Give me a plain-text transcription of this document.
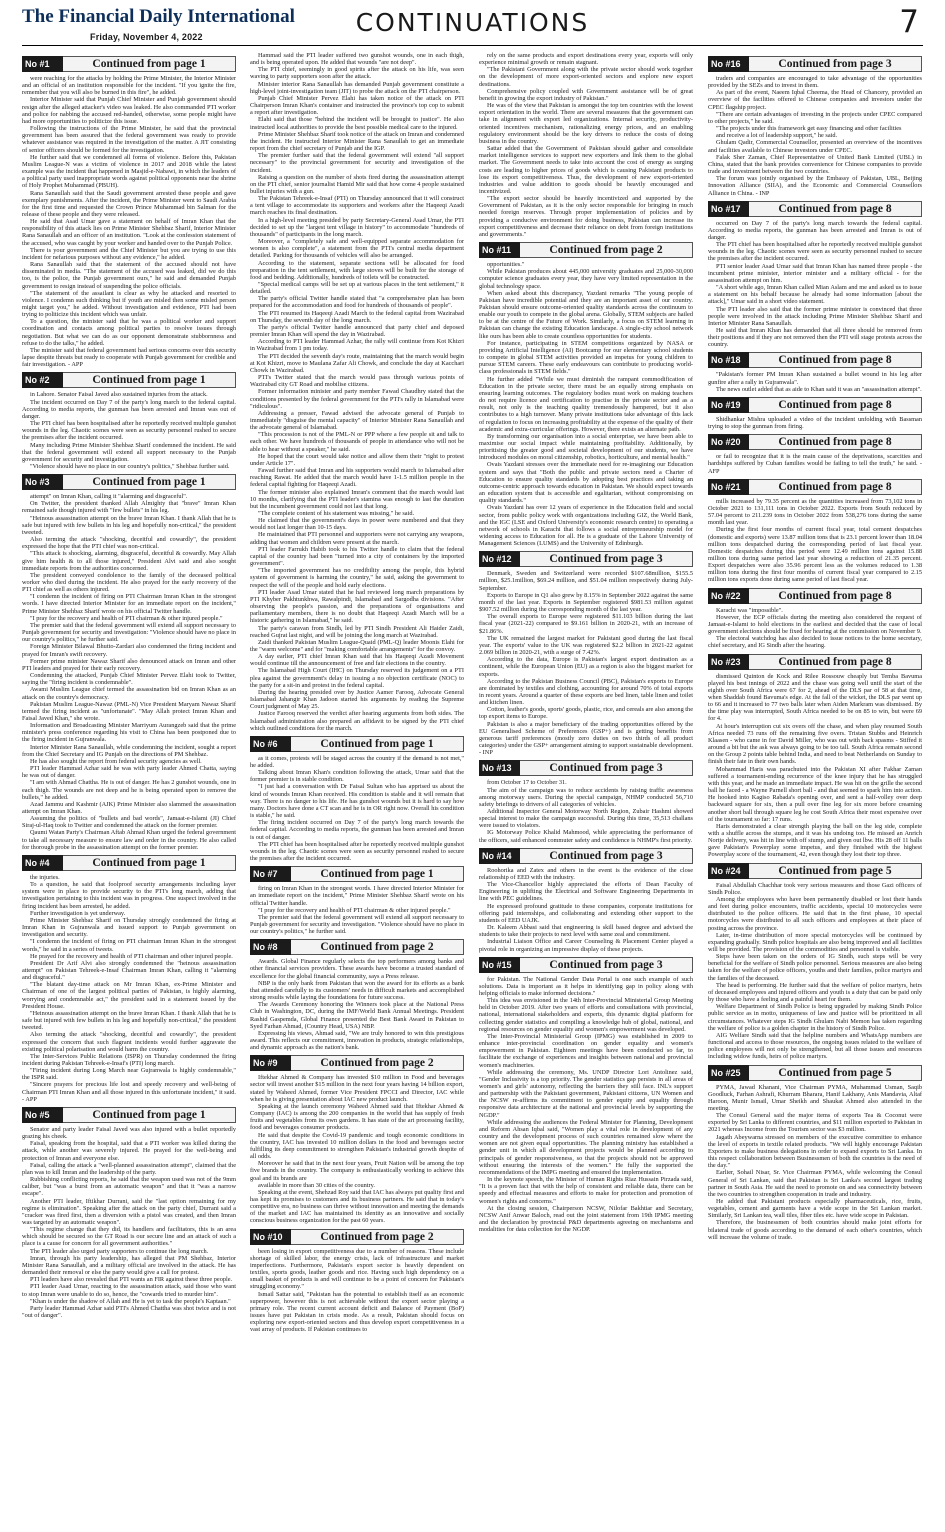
The Financial Daily International
Friday, November 4, 2022	CONTINUATIONS	7
No #1	Continued from page 1

were reaching for the attacks by holding the Prime Minister, the Interior Minister and an official of an institution responsible for the incident. "If you ignite the fire, remember that you will also be burned in this fire", he added.

Interior Minister said that Punjab Chief Minister and Punjab government should resign after the alleged attacker's video was leaked. He also commanded PTI worker and police for nabbing the accused red-handed, otherwise, some people might have had more opportunities to politicize this issue.

Following the instructions of the Prime Minister, he said that the provincial government has been assured that the federal government was ready to provide whatever assistance was required in the investigation of the matter. A JIT consisting of senior officers should be formed for the investigation.

He further said that we condemned all forms of violence. Before this, Pakistan Muslim League-N was a victim of violence in 2017 and 2018 while the latest example was the incident that happened in Masjid-e-Nabawi, in which the leaders of a political party used inappropriate words against political opponents near the shrine of Holy Prophet Muhammad (PBUH).

Rana Sanaullah said that the Saudi government arrested these people and gave exemplary punishments. After the incident, the Prime Minister went to Saudi Arabia for the first time and requested the Crown Prince Muhammad bin Salman for the release of these people and they were released.

He said that Asad Umar gave a statement on behalf of Imran Khan that the responsibility of this attack lies on Prime Minister Shehbaz Sharif, Interior Minister Rana Sanaullah and an officer of an institution. "Look at the confession statement of the accused, who was caught by your worker and handed over to the Punjab Police.

There is your government and the Chief Minister but you are trying to use this incident for nefarious purposes without any evidence," he added.

Rana Sanaullah said that the statement of the accused should not have disseminated in media. "The statement of the accused was leaked, did we do this too, is the police, the Punjab government ours," he said and demanded Punjab government to resign instead of suspending the police officials.

"The statement of the assailant is clear as why he attacked and resorted to violence. I condemn such thinking but if youth are misled then some misled person might target you," he added. Without investigation and evidence, PTI had been trying to politicize this incident which was unfair.

To a question, the minister said that he was a political worker and support coordination and contacts among political parties to resolve issues through negotiation. But what we can do as our opponent demonstrate stubbornness and refuse to do the talks," he added.

The minister said that federal government had serious concerns over this security lapse despite threats but ready to cooperate with Punjab government for credible and fair investigation. - APP

No #2	Continued from page 1

in Lahore. Senator Faisal Javed also sustained injuries from the attack.

The incident occurred on Day 7 of the party's long march to the federal capital. According to media reports, the gunman has been arrested and Imran was out of danger.

The PTI chief has been hospitalised after he reportedly received multiple gunshot wounds in the leg. Chaotic scenes were seen as security personnel rushed to secure the premises after the incident occurred.

Many including Prime Minister Shehbaz Sharif condemned the incident. He said that the federal government will extend all support necessary to the Punjab government for security and investigation.

"Violence should have no place in our country's politics," Shehbaz further said.

No #3	Continued from page 1

attempt" on Imran Khan, calling it "alarming and disgraceful".

On Twitter, the president thanked Allah Almighty that "brave" Imran Khan remained safe though injured with "few bullets" in his leg.

"Heinous assassination attempt on the brave Imran Khan. I thank Allah that he is safe but injured with few bullets in his leg and hopefully non-critical," the president tweeted.

Also terming the attack "shocking, deceitful and cowardly", the president expressed the hope that the PTI chief was non-critical.

"This attack is shocking, alarming, disgraceful, deceitful & cowardly. May Allah give him health & to all those injured," President Alvi said and also sought immediate reports from the authorities concerned.

The president conveyed condolence to the family of the deceased political worker who died during the incident. He also prayed for the early recovery of the PTI chief as well as others injured.

"I condemn the incident of firing on PTI Chairman Imran Khan in the strongest words. I have directed Interior Minister for an immediate report on the incident," Prime Minister Shehbaz Sharif wrote on his official Twitter handle.

"I pray for the recovery and health of PTI chairman & other injured people."

The premier said that the federal government will extend all support necessary to Punjab government for security and investigation: "Violence should have no place in our country's politics," he further said.

Foreign Minister Bilawal Bhutto-Zardari also condemned the firing incident and prayed for Imran's swift recovery.

Former prime minister Nawaz Sharif also denounced attack on Imran and other PTI leaders and prayed for their early recovery.

Condemning the attacked, Punjab Chief Minister Pervez Elahi took to Twitter, saying the "firing incident is condemnable".

Awami Muslim League chief termed the assassination bid on Imran Khan as an attack on the country's democracy.

Pakistan Muslim League-Nawaz (PML-N) Vice President Maryam Nawaz Sharif termed the firing incident as "unfortunate". "May Allah protect Imran Khan and Faisal Javed Khan," she wrote.

Information and Broadcasting Minister Marriyum Aurangzeb said that the prime minister's press conference regarding his visit to China has been postponed due to the firing incident in Gujranwala.

Interior Minister Rana Sanaullah, while condemning the incident, sought a report from the Chief Secretary and IG Punjab on the directions of PM Shehbaz.

He has also sought the report from federal security agencies as well.

PTI leader Hammad Azhar said he was with party leader Ahmed Chatta, saying he was out of danger.

"I am with Ahmad Chattha. He is out of danger. He has 2 gunshot wounds, one in each thigh. The wounds are not deep and he is being operated upon to remove the bullets," he added.

Azad Jammu and Kashmir (AJK) Prime Minister also slammed the assassination attempt on Imran Khan.

Assuming the politics of "bullets and bad words", Jamaat-e-Islami (JI) Chief Siraj-ul-Haq took to Twitter and condemned the attack on the former premier.

Qaumi Watan Party's Chairman Aftab Ahmad Khan urged the federal government to take all necessary measure to ensure law and order in the country. He also called for thorough probe in the assassination attempt on the former premier.

No #4	Continued from page 1

the injuries.

To a question, he said that foolproof security arrangements including layer system were in place to provide security to the PTI's long march, adding that investigation pertaining to this incident was in progress. One suspect involved in the firing incident has been arrested, he added.

Further investigation is yet underway.

Prime Minister Shehbaz Sharif on Thursday strongly condemned the firing at Imran Khan in Gujranwala and issued support to Punjab government on investigation and security.

"I condemn the incident of firing on PTI chairman Imran Khan in the strongest words," he said in a series of tweets.

He prayed for the recovery and health of PTI chairman and other injured people.

President Dr Arif Alvi also strongly condemned the "heinous assassination attempt" on Pakistan Tehreek-e-Insaf Chairman Imran Khan, calling it "alarming and disgraceful."

"The blatant day-time attack on Mr Imran Khan, ex-Prime Minister and Chairman of one of the largest political parties of Pakistan, is highly alarming, worrying and condemnable act," the president said in a statement issued by the President House.

"Heinous assassination attempt on the brave Imran Khan. I thank Allah that he is safe but injured with few bullets in his leg and hopefully non-critical," the president tweeted.

Also terming the attack "shocking, deceitful and cowardly", the president expressed the concern that such flagrant incidents would further aggravate the existing political polarisation and would harm the country.

The Inter-Services Public Relations (ISPR) on Thursday condemned the firing incident during Pakistan Tehreek-e-Insaf's (PTI) long march.

"Firing incident during Long March near Gujranwala is highly condemnable," the ISPR said.

"Sincere prayers for precious life lost and speedy recovery and well-being of Chairman PTI Imran Khan and all those injured in this unfortunate incident," it said. - APP

No #5	Continued from page 1

Senator and party leader Faisal Javed was also injured with a bullet reportedly grazing his cheek.

Faisal, speaking from the hospital, said that a PTI worker was killed during the attack, while another was severely injured. He prayed for the well-being and protection of Imran and everyone else.

Faisal, calling the attack a "well-planned assassination attempt", claimed that the plan was to kill Imran and the leadership of the party.

Rubbishing conflicting reports, he said that the weapon used was not of the 9mm caliber, but "was a burst from an automatic weapon" and that it "was a narrow escape".

Another PTI leader, Iftikhar Durrani, said the "last option remaining for my regime is elimination". Speaking after the attack on the party chief, Durrani said a "cracker was fired first, then a diversion with a pistol was created, and then Imran was targeted by an automatic weapon".

"This regime change that they did, its handlers and facilitators, this is an area which should be secured so the GT Road is our secure line and an attack of such a place is a cause for concern for all government authorities."

The PTI leader also urged party supporters to continue the long march.

Imran, through his party leadership, has alleged that PM Shehbaz, Interior Minister Rana Sanaullah, and a military official are involved in the attack. He has demanded their removal or else the party would give a call for protest.

PTI leaders have also revealed that PTI wants an FIR against these three people.

PTI leader Asad Umar, reacting to the assassination attack, said those who want to stop Imran were unable to do so, hence, the "cowards tried to murder him".

"Khan is under the shadow of Allah and He is yet to task the people's Kaptaan."

Party leader Hammad Azhar said PTI's Ahmed Chattha was shot twice and is not "out of danger".

Hammad said the PTI leader suffered two gunshot wounds, one in each thigh, and is being operated upon. He added that wounds "are not deep".

The PTI chief, seemingly in good spirits after the attack on his life, was seen waving to party supporters soon after the attack.

Minister interior Rana Sanaullah has demanded Punjab government constitute a high-level joint-investigation team (JIT) to probe the attack on the PTI chairperson.

Punjab Chief Minister Pervez Elahi has taken notice of the attack on PTI Chairperson Imran Khan's container and instructed the province's top cop to submit a report after investigation.

Elahi said that those "behind the incident will be brought to justice". He also instructed local authorities to provide the best possible medical care to the injured.

Prime Minister Shehbaz Sharif took notice of the attack on Imran and condemned the incident. He instructed Interior Minister Rana Sanaullah to get an immediate report from the chief secretary of Punjab and the IGP.

The premier further said that the federal government will extend "all support necessary" to the provincial government for security and investigation of the incident.

Raising a question on the number of shots fired during the assassination attempt on the PTI chief, senior journalist Hamid Mir said that how come 4 people sustained bullet injuries with a gun.

The Pakistan Tehreek-e-Insaf (PTI) on Thursday announced that it will construct a tent village to accommodate its supporters and workers after the Haqeeqi Azadi march reaches its final destination.

In a high-level meeting presided by party Secretary-General Asad Umar, the PTI decided to set up the "largest tent village in history" to accommodate "hundreds of thousands" of participants in the long march.

Moreover, a "completely safe and well-equipped separate accommodation for women is also complete", a statement from the PTI's central media department detailed. Parking for thousands of vehicles will also be arranged.

According to the statement, separate sections will be allocated for food preparation in the tent settlement, with large stoves will be built for the storage of food and bedding. Additionally, hundreds of toilets will be constructed.

"Special medical camps will be set up at various places in the tent settlement," it detailed.

The party's official Twitter handle stated that "a comprehensive plan has been prepared for the accommodation and food for hundreds of thousands of people".

The PTI resumed its Haqeeqi Azadi March to the federal capital from Wazirabad on Thursday, the seventh day of the long march.

The party's official Twitter handle announced that party chief and deposed premier Imran Khan will spend the day in Wazirabad.

According to PTI leader Hammad Azhar, the rally will continue from Kot Khizri in Wazirabad from 1 pm today.

The PTI decided the seventh day's route, maintaining that the march would begin at Kot Khizri, move to Maulana Zafar Ali Chowk, and conclude the day at Kacchari Chowk in Wazirabad.

PTI's Twitter stated that the march would pass through various points of Wazirabad city GT Road and mobilise citizens.

Former information minister and party member Fawad Chaudhry stated that the conditions presented by the federal government for the PTI's rally in Islamabad were "ridiculous".

Addressing a presser, Fawad advised the advocate general of Punjab to immediately "disguise the mental capacity" of Interior Minister Rana Sanaullah and the advocate general of Islamabad.

"This procession is not of the PML-N or PPP where a few people sit and talk to each other. We have hundreds of thousands of people in attendance who will not be able to hear without a speaker," he said.

He hoped that the court would take notice and allow them their "right to protest under Article 17".

Fawad further said that Imran and his supporters would march to Islamabad after reaching Rawat. He added that the march would have 1-1.5 million people in the federal capital fighting for Haqeeqi Azadi.

The former minister also explained Imran's comment that the march would last 10 months, clarifying that the PTI leader's stamina was enough to last the duration but the incumbent government could not last that long.

"The complete content of his statement was missing," he said.

He claimed that the government's days in power were numbered and that they would not last longer than 10-15 days.

He maintained that PTI personnel and supporters were not carrying any weapons, adding that women and children were present at the march.

PTI leader Farrukh Habib took to his Twitter handle to claim that the federal capital of the country had been "turned into a city of containers by the imported government".

"The imported government has no credibility among the people, this hybrid system of government is harming the country," he said, asking the government to respect the will of the people and hold early elections.

PTI leader Asad Umar stated that he had reviewed long march preparations by PTI Khyber Pakhtunkhwa, Rawalpindi, Islamabad and Sargodha divisions. "After observing the people's passion, and the preparations of organisations and parliamentary members, there is no doubt that Haqeeqi Azadi March will be a historic gathering in Islamabad," he said.

The party's caravan from Sindh, led by PTI Sindh President Ali Haider Zaidi, reached Gujrat last night, and will be joining the long march at Wazirabad.

Zaidi thanked Pakistan Muslim League-Quaid (PML-Q) leader Moonis Elahi for the "warm welcome" and for "making comfortable arrangements" for the convoy.

A day earlier, PTI chief Imran Khan said that his Haqeeqi Azadi Movement would continue till the announcement of free and fair elections in the country.

The Islamabad High Court (IHC) on Thursday reserved its judgement on a PTI plea against the government's delay in issuing a no objection certificate (NOC) to the party for a sit-in and protest in the federal capital.

During the hearing presided over by Justice Aamer Farooq, Advocate General Islamabad Jahangir Khan Jadoon started his arguments by reading the Supreme Court judgment of May 25.

Justice Farooq reserved the verdict after hearing arguments from both sides. The Islamabad administration also prepared an affidavit to be signed by the PTI chief which outlined conditions for the march.

No #6	Continued from page 1

as it comes, protests will be staged across the country if the demand is not met," he added.

Talking about Imran Khan's condition following the attack, Umar said that the former premier is in stable condition.

"I just had a conversation with Dr Faisal Sultan who has apprised us about the kind of wounds Imran Khan received. His condition is stable and it will remain that way. There is no danger to his life. He has gunshot wounds but it is hard to say how many. Doctors have done a CT scan and he is in OR right now. Overall his condition is stable," he said.

The firing incident occurred on Day 7 of the party's long march towards the federal capital. According to media reports, the gunman has been arrested and Imran is out of danger.

The PTI chief has been hospitalised after he reportedly received multiple gunshot wounds in the leg. Chaotic scenes were seen as security personnel rushed to secure the premises after the incident occurred.

No #7	Continued from page 1

firing on Imran Khan in the strongest words. I have directed Interior Minister for an immediate report on the incident," Prime Minister Shehbaz Sharif wrote on his official Twitter handle.

"I pray for the recovery and health of PTI chairman & other injured people."

The premier said that the federal government will extend all support necessary to Punjab government for security and investigation. "Violence should have no place in our country's politics," he further said.

No #8	Continued from page 2

Awards. Global Finance regularly selects the top performers among banks and other financial services providers. These awards have become a trusted standard of excellence for the global financial community, says a Press release.

NBP is the only bank from Pakistan that won the award for its efforts as a bank that attended carefully to its customers' needs in difficult markets and accomplished strong results while laying the foundations for future success.

The Awards Ceremony honoring the Winners took place at the National Press Club in Washington, DC, during the IMF/World Bank Annual Meetings. President Rashid Gaspemda, Global Finance presented the Best Bank Award in Pakistan to Syed Farhan Ahmad, (Country Head, USA) NBP.

Expressing his views, Ahmad said, "We are truly honored to win this prestigious award. This reflects our commitment, innovation in products, strategic relationships, and dynamic approach as the nation's bank.

No #9	Continued from page 2

Iftekhar Ahmed & Company has invested $10 million in Food and beverages sector will invest another $15 million in the next four years having 14 billion export, stated by Waheed Ahmed, former Vice President FPCCI and Director, IAC while when he is giving presentation about IAC new product launch.

Speaking at the launch ceremony Waheed Ahmed said that Iftekhar Ahmed & Company (IAC) is among the 200 companies in the world that has supply of fresh fruits and vegetables from its own gardens. It has state of the art processing facility, food and beverages consumer products.

He said that despite the Covid-19 pandemic and tough economic conditions in the country, IAC has invested 10 million dollars in the food and beverages sector fulfilling its deep commitment to strengthen Pakistan's industrial growth despite of all odds.

Moreover he said that in the next four years, Fruit Nation will be among the top five brands in the country. The company is enthusiastically working to achieve this goal and its brands are

available in more than 30 cities of the country.

Speaking at the event, Shehzad Roy said that IAC has always put quality first and has kept its promises to customers and its business partners. He said that in today's competitive era, no business can thrive without innovation and meeting the demands of the market and IAC has maintained its identity as an innovative and socially conscious business organization for the past 60 years.

No #10	Continued from page 2

been losing in export competitiveness due to a number of reasons. These include shortage of skilled labor, the energy crisis, lack of infrastructure and market imperfections. Furthermore, Pakistan's export sector is heavily dependent on textiles, sports goods, leather goods and rice. Having such high dependency on a small basket of products is and will continue to be a point of concern for Pakistan's struggling economy."

Ismail Sattar said, "Pakistan has the potential to establish itself as an economic superpower, however this is not achievable without the export sector playing a primary role. The recent current account deficit and Balance of Payment (BoP) issues have put Pakistan in crisis mode. As a result, Pakistan should focus on exploring new export-oriented sectors and thus develop export competitiveness in a vast array of products. If Pakistan continues to

rely on the same products and export destinations every year, exports will only experience minimal growth or remain stagnant.

"The Pakistani Government along with the private sector should work together on the development of more export-oriented sectors and explore new export destinations.

Comprehensive policy coupled with Government assistance will be of great benefit in growing the export industry of Pakistan."

He was of the view that Pakistan is amongst the top ten countries with the lowest export orientation in the world. There are several measures that the government can take in alignment with export led organizations. Internal security, productivity-oriented incentives mechanism, rationalizing energy prices, and an enabling regulatory environment should be the key drivers to reduce the costs of doing business in the country.

Sattar added that the Government of Pakistan should gather and consolidate market intelligence services to support new exporters and link them to the global market. The Government needs to take into account the cost of energy as surging costs are leading to higher prices of goods which is causing Pakistani products to lose its export competitiveness. Thus, the development of new export-oriented industries and value addition to goods should be heavily encouraged and incentivized.

"The export sector should be heavily incentivized and supported by the Government of Pakistan, as it is the only sector responsible for bringing in much needed foreign reserves. Through proper implementation of policies and by providing a conducive environment for doing business, Pakistan can increase its export competitiveness and decrease their reliance on debt from foreign institutions and governments."

No #11	Continued from page 2

opportunities."

While Pakistan produces about 445,000 university graduates and 25,000-30,000 computer science graduates every year, they have very limited representation in the global technology space.

When asked about this discrepancy, Yazdani remarks "The young people of Pakistan have incredible potential and they are an important asset of our country. Pakistan should ensure outcome-oriented quality standards across the continuum to enable our youth to compete in the global arena. Globally, STEM subjects are hailed to be at the centre of the Future of Work. Similarly, a focus on STEM learning in Pakistan can change the existing Education landscape. A single-city school network like ours has been able to create countless opportunities for students.

For instance, participating in STEM competitions organized by NASA or providing Artificial Intelligence (AI) Bootcamp for our elementary school students to compete in global STEM activities provided an impetus for young children to pursue STEM careers. These early endeavours can contribute to producing world-class professionals in STEM fields."

He further added "While we must diminish the rampant commodification of Education in the private sector, there must be an equally strong emphasis on ensuring learning outcomes. The regulatory bodies must work on making teachers do not require licence and certification to practise in the private sector and as a result, not only is the teaching quality tremendously hampered, but it also contributes to a high turnover. Many private institutions take advantage of this lack of regulation to focus on increasing profitability at the expense of the quality of their academic and extra-curricular offerings. However, there exists an alternate path.

By transforming our organisation into a social enterprise, we have been able to maximise our social impact while maintaining profitability. Additionally, by prioritising the greater good and societal development of our students, we have introduced modules on moral citizenship, robotics, horticulture, and mental health."

Ovais Yazdani stresses over the immediate need for re-imagining our Education system and says that "Both the public and private sectors need a Charter of Education to ensure quality standards by adopting best practices and taking an outcome-centric approach towards education in Pakistan. We should expect towards an education system that is accessible and egalitarian, without compromising on quality standards."

Ovais Yazdani has over 12 years of experience in the Education field and social sector, from public policy work with organizations including GIZ, the World Bank, and the IGC (LSE and Oxford University's economic research centre) to operating a network of schools in Karachi that follows a social entrepreneurship model for widening access to Education for all. He is a graduate of the Lahore University of Management Sciences (LUMS) and the University of Edinburgh.

No #12	Continued from page 3

Denmark, Sweden and Switzerland were recorded $107.68million, $155.5 million, $25.1million, $69.24 million, and $51.04 million respectively during July-September.

Exports to Europe in Q1 also grew by 8.15% in September 2022 against the same month of the last year. Exports in September registered $981.53 million against $907.52 million during the corresponding month of the last year.

The overall exports to Europe were registered $11.103 billion during the last fiscal year (2021-22) compared to $9.161 billion in 2020-21, with an increase of $21.86%.

The UK remained the largest market for Pakistani good during the last fiscal year. The exports' value to the UK was registered $2.2 billion in 2021-22 against 2.069 billion in 2020-21, with a surge of 7.42%.

According to the data, Europe is Pakistan's largest export destination as a continent, while the European Union (EU) as a region is also the biggest market for exports.

According to the Pakistan Business Council (PBC), Pakistan's exports to Europe are dominated by textiles and clothing, accounting for around 70% of total exports in recent years. Around a quarter of these exports are bed linen, table linen and toilet and kitchen linen.

Cotton, leather's goods, sports' goods, plastic, rice, and cereals are also among the top export items to Europe.

Pakistan is also a major beneficiary of the trading opportunities offered by the EU Generalised Scheme of Preferences (GSP+) and is getting benefits from generous tariff preferences (mostly zero duties on two thirds of all product categories) under the GSP+ arrangement aiming to support sustainable development. - INP

No #13	Continued from page 3

from October 17 to October 31.

The aim of the campaign was to reduce accidents by raising traffic awareness among motorway users. During the special campaign, NHMP conducted 56,710 safety briefings to drivers of all categories of vehicles.

Additional Inspector General Motorway North Region, Zubair Hashmi showed special interest to make the campaign successful. During this time, 35,513 challans were issued to violators.

IG Motorway Police Khalid Mahmood, while appreciating the performance of the officers, said enhanced commuter safety and confidence is NHMP's first priority.

No #14	Continued from page 3

Roohorika and Zatex and others in the event is the evidence of the close relationship of EED with the industry.

The Vice-Chancellor highly appreciated the efforts of Dean Faculty of Engineering in uplifting the Electrical and Software Engineering Departments in line with PEC guidelines.

He expressed profound gratitude to these companies, corporate institutions for offering paid internships, and collaborating and extending other support to the students of EED UAJK.

Dr. Kaleem Abbasi said that engineering is skill based degree and advised the students to take their projects to next level with same zeal and commitment.

Industrial Liaison Office and Career Counseling & Placement Center played a pivotal role in organizing an impressive display of these projects.

No #15	Continued from page 3

for Pakistan. The National Gender Data Portal is one such example of such solutions. Data is important as it helps in identifying gap in policy along with helping officials to make informed decisions."

This idea was envisioned in the 14th Inter-Provincial Ministerial Group Meeting held in October 2019. After two years of efforts and consultations with provincial, national, international stakeholders and experts, this dynamic digital platform for collecting gender statistics and compiling a knowledge hub of global, national, and regional resources on gender equality and women's empowerment was developed.

The Inter-Provincial Ministerial Group (IPMG) was established in 2009 to enhance inter-provincial coordination on gender equality and women's empowerment in Pakistan. Eighteen meetings have been conducted so far, to facilitate the exchange of experiences and insights between national and provincial women's machineries.

While addressing the ceremony, Ms. UNDP Director Lori Antolinez said, "Gender Inclusivity is a top priority. The gender statistics gap persists in all areas of women's and girls' autonomy, reflecting the barriers they still face. INL's support and partnership with the Pakistani government, Pakistani citizens, UN Women and the NCSW re-affirms its commitment to gender equity and equality through responsive data architecture at the national and provincial levels by supporting the NGDP."

While addressing the audiences the Federal Minister for Planning, Development and Reform Ahsan Iqbal said, "Women play a vital role in development of any country and the development process of such countries remained slow where the women are not given equal opportunities. The planning ministry has established a gender unit in which all development projects would be planned according to principals of gender responsiveness, so that the projects should not be approved without ensuring the interests of the women." He fully the supported the recommendations of the IMPG meeting and ensured the implementation.

In the keynote speech, the Minister of Human Rights Riaz Hussain Pirzada said, "It is a proven fact that with the help of consistent and reliable data, there can be speedy and effectual measures and efforts to make for protection and promotion of women's rights and concerns."

At the closing session, Chairperson NCSW, Nilofar Bakhtiar and Secretary, NCSW Anif Anwar Baloch, read out the joint statement from 19th IPMG meeting and the declaration by provincial P&D departments agreeing on mechanisms and modalities for data collection for the NGDP.

No #16	Continued from page 3

traders and companies are encouraged to take advantage of the opportunities provided by the SEZs and to invest in them.

As part of the event, Naeem Iqbal Cheema, the Head of Chancery, provided an overview of the facilities offered to Chinese companies and investors under the CPEC flagship project.

"There are certain advantages of investing in the projects under CPEC compared to other projects," he said.

"The projects under this framework get easy financing and other facilities

and receive a lot of leadership support," he said.

Ghulam Qadir, Commercial Counsellor, presented an overview of the incentives and facilities available to Chinese investors under CPEC.

Falak Sher Zaman, Chief Representative of United Bank Limited (UBL) in China, stated that the bank provides convenience for Chinese companies to provide trade and investment between the two countries.

The forum was jointly organised by the Embassy of Pakistan, UBL, Beijing Innovation Alliance (SIIA), and the Economic and Commercial Counsellors Alliance in China. - INP

No #17	Continued from page 8

occurred on Day 7 of the party's long march towards the federal capital. According to media reports, the gunman has been arrested and Imran is out of danger.

The PTI chief has been hospitalised after he reportedly received multiple gunshot wounds in the leg. Chaotic scenes were seen as security personnel rushed to secure the premises after the incident occurred.

PTI senior leader Asad Umar said that Imran Khan has named three people - the incumbent prime minister, interior minister and a military official - for the assassination attempt on him.

"A short while ago, Imran Khan called Mian Aslam and me and asked us to issue a statement on his behalf because he already had some information [about the attack]," Umar said in a short video statement.

The PTI leader also said that the former prime minister is convinced that three people were involved in the attack including Prime Minister Shehbaz Sharif and Interior Minister Rana Sanaullah.

He said that Imran Khan has demanded that all three should be removed from their positions and if they are not removed then the PTI will stage protests across the country.

No #18	Continued from page 8

"Pakistan's former PM Imran Khan sustained a bullet wound in his leg after gunfire after a rally in Gujranwala".

The news outlet added that as aide to Khan said it was an "assassination attempt".

No #19	Continued from page 8

Shidhankar Mishra uploaded a video of the incident unfolding with Bassman trying to stop the gunman from firing.

No #20	Continued from page 8

or fail to recognize that it is the main cause of the deprivations, scarcities and hardships suffered by Cuban families would be failing to tell the truth," he said. - AFP

No #21	Continued from page 8

mills increased by 79.35 percent as the quantities increased from 73,102 tons in October 2021 to 131,111 tons in October 2022. Exports from South reduced by 57.04 percent to 211.239 tons in October 2022 from 538,276 tons during the same month last year.

During the first four months of current fiscal year, total cement despatches (domestic and exports) were 13.87 million tons that is 23.1 percent lower than 18.04 million tons despatched during the corresponding period of last fiscal year. Domestic despatches during this period were 12.49 million tons against 15.88 million tons during same period last year showing a reduction of 21.35 percent. Export despatches were also 35.96 percent less as the volumes reduced to 1.38 million tons during the first four months of current fiscal year compared to 2.15 million tons exports done during same period of last fiscal year.

No #22	Continued from page 8

Karachi was "impossible".

However, the ECP officials during the meeting also considered the request of Jamaat-e-Islami to hold elections in the earliest and decided that the case of local government elections should be fixed for hearing at the commission on November 9.

The electoral watchdog has also decided to issue notices to the home secretary, chief secretary, and IG Sindh after the hearing.

No #23	Continued from page 8

dismissed Quinton de Kock and Rilee Rossouw cheaply but Temba Bavuma played his best innings of 2022 and the chase was going well until the start of the eighth over South Africa were 67 for 2, ahead of the DLS par of 58 at that time, when Shaddab found Bavuma's edge. At the fall of the wicket, the DLS par went up to 66 and it increased to 77 two balls later when Aiden Markram was dismissed. By the time play was interrupted, South Africa needed to be on 85 to win, but were 69 for 4.

At hour's interruption cut six overs off the chase, and when play resumed South Africa needed 73 runs off the remaining five overs. Tristan Stubbs and Heinrich Klaasen - who came in for David Miller, who was out with back spasms - Stiffed it around a bit but the ask was always going to be too tall. South Africa remain second on the Group 2 points table behind India, and need to beat Netherlands on Sunday to finish their fate in their own hands.

Mohammad Haris was parachuted into the Pakistan XI after Fakhar Zaman suffered a tournament-ending recurrence of the knee injury that he has struggled with this year, and he made an immediate impact. He was hit on the grille the second ball he faced - a Wayne Parnell short ball - and that seemed to spark him into action. He hooked into Kagiso Rabada's opening over, and sent a half-volley over deep backward square for six, then a pull over fine leg for six more before creaming another short ball through square leg he cost South Africa their most expensive over of the tournament so far: 17 runs.

Haris demonstrated a clear strength playing the ball on the leg side, complete with a shuffle across the stumps, and it was his undoing too. He missed an Anrich Nortje delivery, was hit in line with off stump, and given out lbw. His 28 off 11 balls gave Pakistan's Powerplay some impetus, and they finished with the highest Powerplay score of the tournament, 42, even though they lost their top three.

No #24	Continued from page 5

Faisal Abdullah Chachhar took very serious measures and those Gazi officers of Sindh Police.

Among the employees who have been permanently disabled or lost their hands and feet during police encounters, traffic accidents, special 10 motorcycles were distributed to the police officers. He said that in the first phase, 10 special motorcycles were distributed to all such officers and employees at their place of posting across the province.

Later, in-time distribution of more special motorcycles will be continued by expanding gradually. Sindh police hospitals are also being improved and all facilities will be provided. The provision of the commodities and personnel is visible.

Steps have been taken on the orders of IG Sindh, such steps will be very beneficial for the welfare of Sindh police personnel. Serious measures are also being taken for the welfare of police officers, youths and their families, police martyrs and the families of the deceased.

The head is performing. He further said that the welfare of police martyrs, heirs of deceased employees and injured officers and youth is a duty that can be paid only by those who have a feeling and a painful heart for them.

Welfare Department of Sindh Police is being upgraded by making Sindh Police public service as in motto, uniqueness of law and justice will be prioritized in all circumstances. Whatever steps IG Sindh Ghulam Nabi Memon has taken regarding the welfare of police is a golden chapter in the history of Sindh Police.

AIG Welfare Sindh said that the helpline numbers and WhatsApp numbers are functional and access to those resources, the ongoing issues related to the welfare of police employees will not only be strengthened, but all those issues and resources including widow funds, heirs of police martyrs.

No #25	Continued from page 5

PYMA, Jawad Khanani, Vice Chairman PYMA, Muhammad Usman, Saqib Goodluck, Farhan Ashrafi, Khurram Bharara, Hanif Lakhany, Anis Mandavia, Altaf Haroon, Munir Ismail, Umar Sheikh and Shaukat Ahmed also attended in the meeting.

The Consul General said the major items of exports Tea & Coconut were exported by Sri Lanka to different countries, and $11 million exported to Pakistan in 2021 whereas Income from the Tourism sector was $3 million.

Jagath Abeywarna stressed on members of the executive committee to enhance the level of exports in textile related products. "We will highly encourage Pakistan Exporters to make business delegations in order to expand exports to Sri Lanka. In this respect collaboration between Businessmen of both the countries is the need of the day."

Earlier, Sohail Nisar, Sr. Vice Chairman PYMA, while welcoming the Consul General of Sri Lankan, said that Pakistan is Sri Lanka's second largest trading partner in South Asia. He said the need to promote on and sea connectivity between the two countries to strengthen cooperation in trade and industry.

He added that Pakistani products especially pharmaceuticals, rice, fruits, vegetables, cement and garments have a wide scope in the Sri Lankan market. Similarly, Sri Lankan tea, wall tiles, fiber tiles etc. have wide scope in Pakistan.

Therefore, the businessmen of both countries should make joint efforts for bilateral trade of goods according to the demand of each other's countries, which will increase the volume of trade.
